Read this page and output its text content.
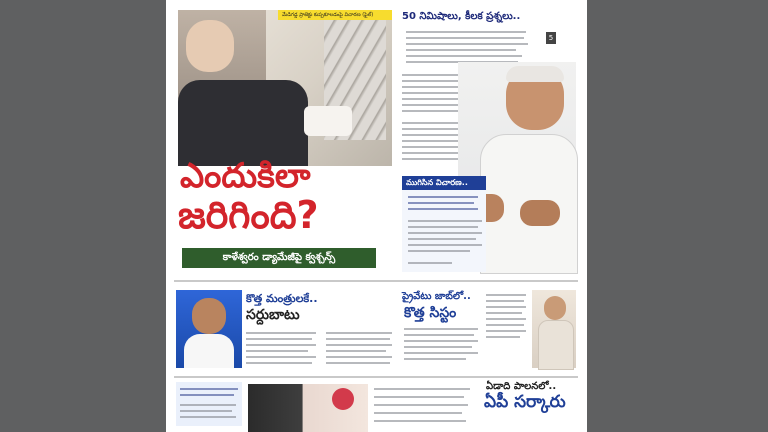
మేడిగడ్డ ప్రాజెక్టు కుప్పకూలడంపై విచారణ (ఫైల్)	50 నిమిషాలు, కీలక ప్రశ్నలు..
5
ఎందుకిలా
జరిగింది?
కాళేశ్వరం డ్యామేజీపై క్వశ్చన్స్
ముగిసిన విచారణ..
కొత్త మంత్రులకే..
సర్దుబాటు
ప్రైవేటు జాబ్‌లో..
కొత్త సిస్టం
ఏడాది పాలనలో..
ఏపీ సర్కారు
